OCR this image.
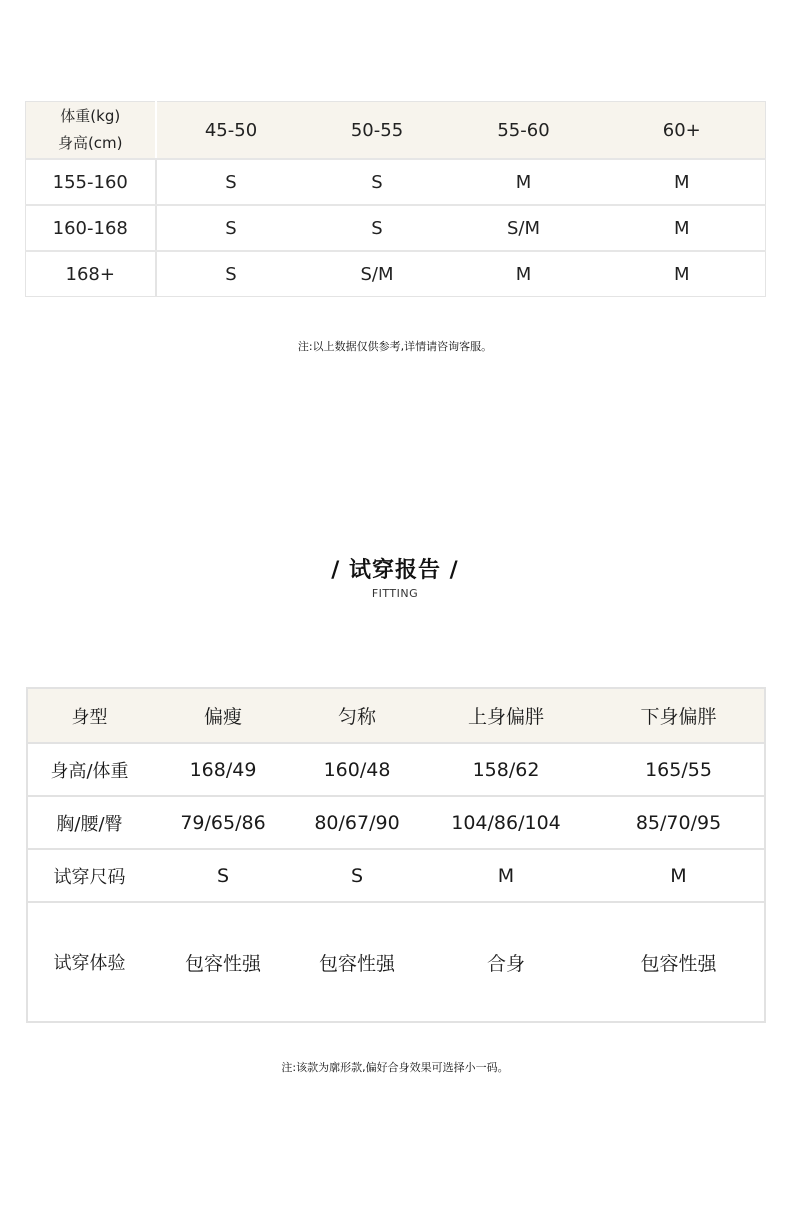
体重(kg)
身高(cm)	45-50	50-55	55-60	60+
155-160	S	S	M	M
160-168	S	S	S/M	M
168+	S	S/M	M	M
注:以上数据仅供参考,详情请咨询客服。
/ 试穿报告 /
FITTING
身型	偏瘦	匀称	上身偏胖	下身偏胖
身高/体重	168/49	160/48	158/62	165/55
胸/腰/臀	79/65/86	80/67/90	104/86/104	85/70/95
试穿尺码	S	S	M	M
试穿体验	包容性强	包容性强	合身	包容性强
注:该款为廓形款,偏好合身效果可选择小一码。
